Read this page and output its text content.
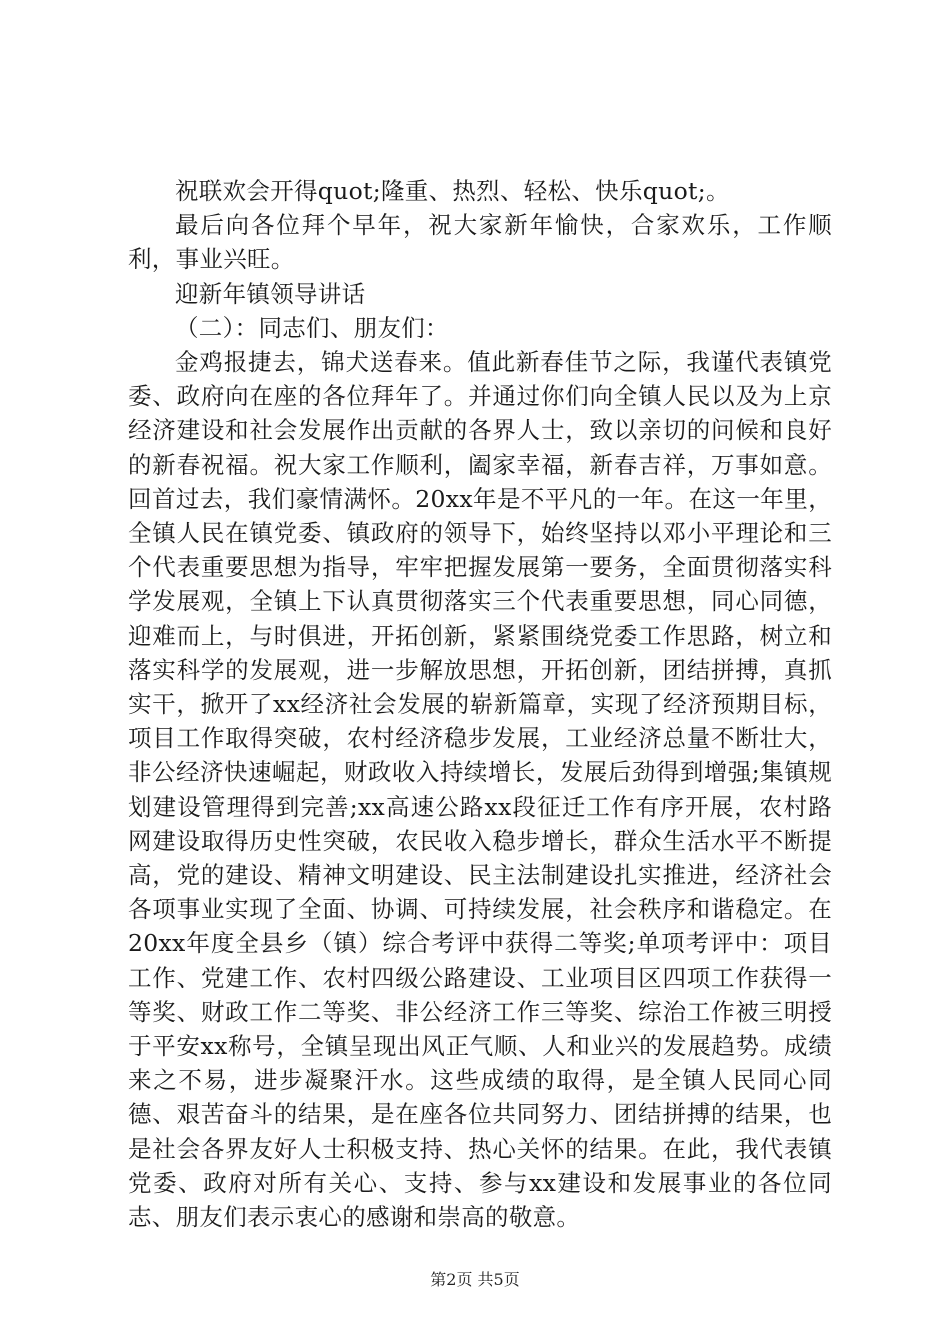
祝联欢会开得quot;隆重、热烈、轻松、快乐quot;。

最后向各位拜个早年，祝大家新年愉快，合家欢乐，工作顺利，事业兴旺。

迎新年镇领导讲话

（二）：同志们、朋友们：

金鸡报捷去，锦犬送春来。值此新春佳节之际，我谨代表镇党委、政府向在座的各位拜年了。并通过你们向全镇人民以及为上京经济建设和社会发展作出贡献的各界人士，致以亲切的问候和良好的新春祝福。祝大家工作顺利，阖家幸福，新春吉祥，万事如意。回首过去，我们豪情满怀。20xx年是不平凡的一年。在这一年里，全镇人民在镇党委、镇政府的领导下，始终坚持以邓小平理论和三个代表重要思想为指导，牢牢把握发展第一要务，全面贯彻落实科学发展观，全镇上下认真贯彻落实三个代表重要思想，同心同德，迎难而上，与时俱进，开拓创新，紧紧围绕党委工作思路，树立和落实科学的发展观，进一步解放思想，开拓创新，团结拼搏，真抓实干，掀开了xx经济社会发展的崭新篇章，实现了经济预期目标，项目工作取得突破，农村经济稳步发展，工业经济总量不断壮大，非公经济快速崛起，财政收入持续增长，发展后劲得到增强;集镇规划建设管理得到完善;xx高速公路xx段征迁工作有序开展，农村路网建设取得历史性突破，农民收入稳步增长，群众生活水平不断提高，党的建设、精神文明建设、民主法制建设扎实推进，经济社会各项事业实现了全面、协调、可持续发展，社会秩序和谐稳定。在20xx年度全县乡（镇）综合考评中获得二等奖;单项考评中：项目工作、党建工作、农村四级公路建设、工业项目区四项工作获得一等奖、财政工作二等奖、非公经济工作三等奖、综治工作被三明授于平安xx称号，全镇呈现出风正气顺、人和业兴的发展趋势。成绩来之不易，进步凝聚汗水。这些成绩的取得，是全镇人民同心同德、艰苦奋斗的结果，是在座各位共同努力、团结拼搏的结果，也是社会各界友好人士积极支持、热心关怀的结果。在此，我代表镇党委、政府对所有关心、支持、参与xx建设和发展事业的各位同志、朋友们表示衷心的感谢和崇高的敬意。

第2页 共5页
